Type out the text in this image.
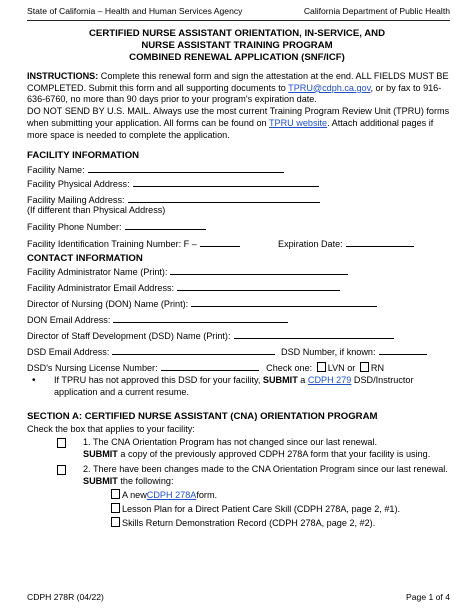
State of California – Health and Human Services Agency	California Department of Public Health
CERTIFIED NURSE ASSISTANT ORIENTATION, IN-SERVICE, AND
NURSE ASSISTANT TRAINING PROGRAM
COMBINED RENEWAL APPLICATION (SNF/ICF)
INSTRUCTIONS: Complete this renewal form and sign the attestation at the end. ALL FIELDS MUST BE COMPLETED. Submit this form and all supporting documents to TPRU@cdph.ca.gov, or by fax to 916-636-6760, no more than 90 days prior to your program's expiration date.
DO NOT SEND BY U.S. MAIL. Always use the most current Training Program Review Unit (TPRU) forms when submitting your application. All forms can be found on TPRU website. Attach additional pages if more space is needed to complete the application.
FACILITY INFORMATION
Facility Name:
Facility Physical Address:
Facility Mailing Address:
(If different than Physical Address)
Facility Phone Number:
Facility Identification Training Number: F –	Expiration Date:
CONTACT INFORMATION
Facility Administrator Name (Print):
Facility Administrator Email Address:
Director of Nursing (DON) Name (Print):
DON Email Address:
Director of Staff Development (DSD) Name (Print):
DSD Email Address:	DSD Number, if known:
DSD's Nursing License Number:	Check one: LVN or RN
• If TPRU has not approved this DSD for your facility, SUBMIT a CDPH 279 DSD/Instructor
application and a current resume.
SECTION A: CERTIFIED NURSE ASSISTANT (CNA) ORIENTATION PROGRAM
Check the box that applies to your facility:
1. The CNA Orientation Program has not changed since our last renewal.
SUBMIT a copy of the previously approved CDPH 278A form that your facility is using.
2. There have been changes made to the CNA Orientation Program since our last renewal. SUBMIT the following:
A newCDPH 278Aform.
Lesson Plan for a Direct Patient Care Skill (CDPH 278A, page 2, #1).
Skills Return Demonstration Record (CDPH 278A, page 2, #2).
CDPH 278R (04/22)	Page 1 of 4
